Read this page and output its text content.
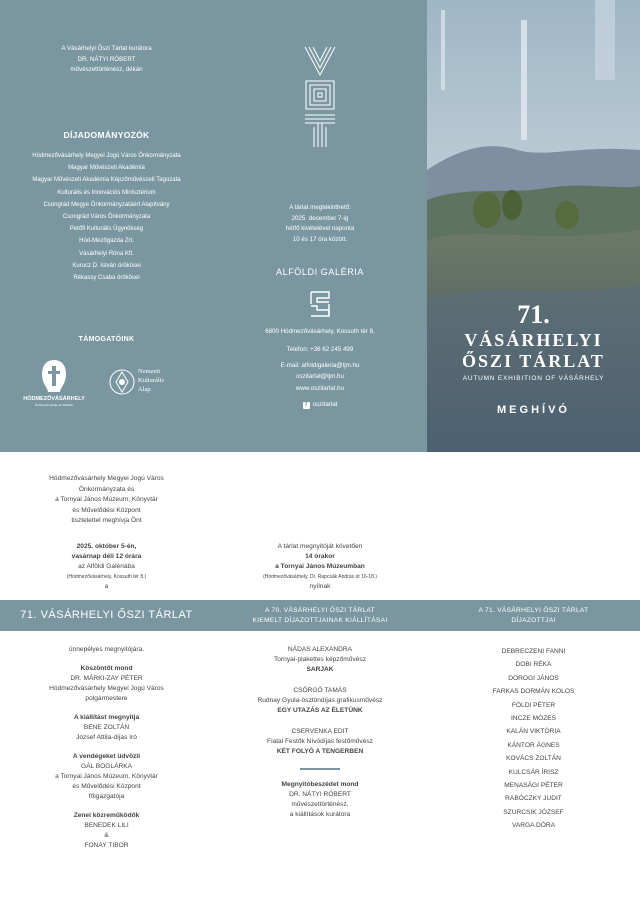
A Vásárhelyi Őszi Tárlat kurátora
DR. NÁTYI RÓBERT
művészettörténész, dékán
DÍJADOMÁNYOZÓK
Hódmezővásárhely Megyei Jogú Város Önkormányzata
Magyar Művészeti Akadémia
Magyar Művészeti Akadémia Képzőművészeti Tagozata
Kulturális és Innovációs Minisztérium
Csongrád Megye Önkormányzatáért Alapítvány
Csongrád Város Önkormányzata
Petőfi Kulturális Ügynökség
Hód-Mezőgazda Zrt.
Vásárhelyi Róna Kft.
Kurucz D. István örökösei
Rékassy Csaba örökösei
TÁMOGATÓINK
HÓDMEZŐVÁSÁRHELY
Ösztönzött jövője az Alföldön
Nemzeti
Kulturális
Alap
A tárlat megtekinthető:
2025. december 7-ig
hétfő kivételével naponta
10 és 17 óra között.
ALFÖLDI GALÉRIA
6800 Hódmezővásárhely, Kossuth tér 8.
Telefon: +36 62 245 499
E-mail: alfoldigaleria@tjm.hu
oszitarlat@tjm.hu
www.oszitarlat.hu
f oszitarlat
71.
VÁSÁRHELYI
ŐSZI TÁRLAT
AUTUMN EXHIBITION OF VÁSÁRHELY
MEGHÍVÓ
Hódmezővásárhely Megyei Jogú Város
Önkormányzata és
a Tornyai János Múzeum, Könyvtár
és Művelődési Központ
tisztelettel meghívja Önt
2025. október 5-én,
vasárnap déli 12 órára
az Alföldi Galériába
(Hódmezővásárhely, Kossuth tér 8.)
a
A tárlat megnyitóját követően
14 órakor
a Tornyai János Múzeumban
(Hódmezővásárhely, Dr. Rapcsák András út 16-18.)
nyílnak
71. VÁSÁRHELYI ŐSZI TÁRLAT	A 70. VÁSÁRHELYI ŐSZI TÁRLAT
KIEMELT DÍJAZOTTJAINAK KIÁLLÍTÁSAI
A 71. VÁSÁRHELYI ŐSZI TÁRLAT
DÍJAZOTTJAI
ünnepélyes megnyitójára.
Köszöntőt mond
DR. MÁRKI-ZAY PÉTER
Hódmezővásárhely Megyei Jogú Város
polgármestere
A kiállítást megnyitja
BENE ZOLTÁN
József Attila-díjas író
A vendégeket üdvözli
GÁL BOGLÁRKA
a Tornyai János Múzeum, Könyvtár
és Művelődési Központ
főigazgatója
Zenei közreműködők
BENEDEK LILI
&
FONAY TIBOR
NÁDAS ALEXANDRA
Tornyai-plakettes képzőművész
SARJAK
CSÖRGŐ TAMÁS
Rudnay Gyula-ösztöndíjas grafikusművész
EGY UTAZÁS AZ ÉLETÜNK
CSERVENKA EDIT
Fiatal Festők Nívódíjas festőművész
KÉT FOLYÓ A TENGERBEN
Megnyitóbeszédet mond
DR. NÁTYI RÓBERT
művészettörténész,
a kiállítások kurátora
DEBRECZENI FANNI
DOBI RÉKA
DOROGI JÁNOS
FARKAS DORMÁN KOLOS
FÖLDI PÉTER
INCZE MÓZES
KALÁN VIKTÓRIA
KÁNTOR ÁGNES
KOVÁCS ZOLTÁN
KULCSÁR ÍRISZ
MENASÁGI PÉTER
RABÓCZKY JUDIT
SZURCSIK JÓZSEF
VARGA DÓRA
